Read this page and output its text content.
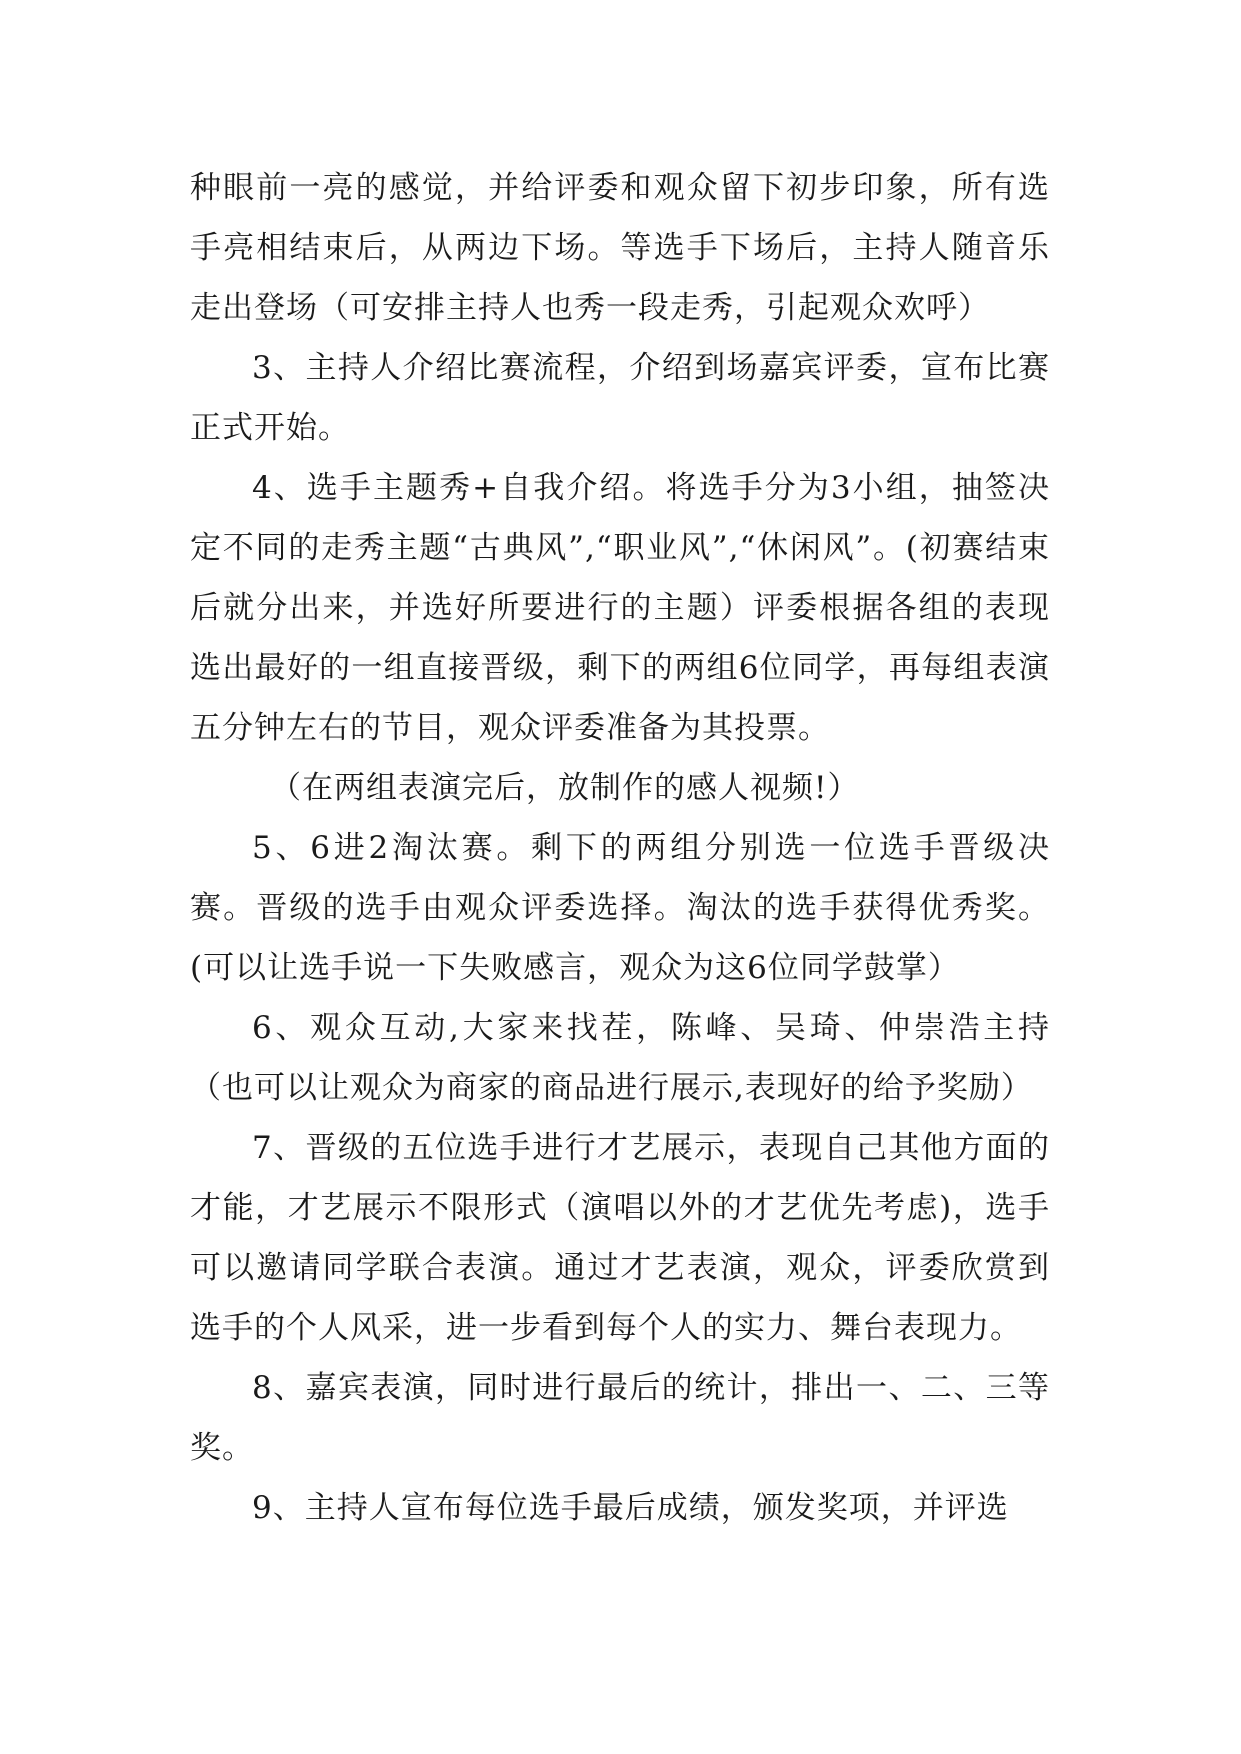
种眼前一亮的感觉，并给评委和观众留下初步印象，所有选手亮相结束后，从两边下场。等选手下场后，主持人随音乐走出登场（可安排主持人也秀一段走秀，引起观众欢呼）

3、主持人介绍比赛流程，介绍到场嘉宾评委，宣布比赛正式开始。

4、选手主题秀+自我介绍。将选手分为3小组，抽签决定不同的走秀主题“古典风”,“职业风”,“休闲风”。(初赛结束后就分出来，并选好所要进行的主题）评委根据各组的表现选出最好的一组直接晋级，剩下的两组6位同学，再每组表演五分钟左右的节目，观众评委准备为其投票。

（在两组表演完后，放制作的感人视频!）

5、6进2淘汰赛。剩下的两组分别选一位选手晋级决赛。晋级的选手由观众评委选择。淘汰的选手获得优秀奖。(可以让选手说一下失败感言，观众为这6位同学鼓掌）

6、观众互动,大家来找茬，陈峰、吴琦、仲崇浩主持（也可以让观众为商家的商品进行展示,表现好的给予奖励）

7、晋级的五位选手进行才艺展示，表现自己其他方面的才能，才艺展示不限形式（演唱以外的才艺优先考虑)，选手可以邀请同学联合表演。通过才艺表演，观众，评委欣赏到选手的个人风采，进一步看到每个人的实力、舞台表现力。

8、嘉宾表演，同时进行最后的统计，排出一、二、三等奖。

9、主持人宣布每位选手最后成绩，颁发奖项，并评选
